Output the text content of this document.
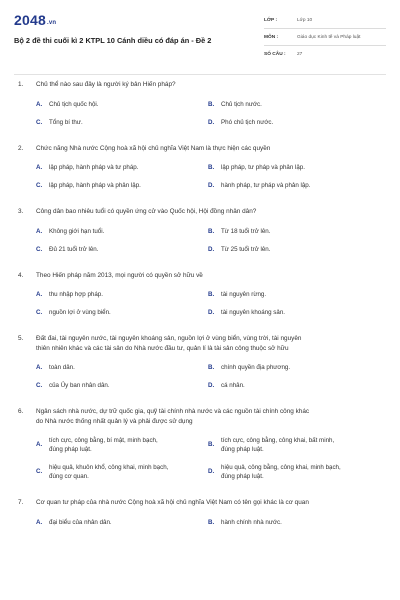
2048.vn
Bộ 2 đề thi cuối kì 2 KTPL 10 Cánh diều có đáp án - Đề 2
LỚP :	Lớp 10
MÔN :	Giáo dục Kinh tế và Pháp luật
SỐ CÂU :	27
1.	Chủ thể nào sau đây là người ký bản Hiến pháp?
A.	Chủ tịch quốc hội.	B.	Chủ tịch nước.
C.	Tổng bí thư.	D.	Phó chủ tịch nước.
2.	Chức năng Nhà nước Cộng hoà xã hội chủ nghĩa Việt Nam là thực hiện các quyền
A.	lập pháp, hành pháp và tư pháp.	B.	lập pháp, tư pháp và phản lập.
C.	lập pháp, hành pháp và phản lập.	D.	hành pháp, tư pháp và phản lập.
3.	Công dân bao nhiêu tuổi có quyền ứng cử vào Quốc hội, Hội đồng nhân dân?
A.	Không giới hạn tuổi.	B.	Từ 18 tuổi trở lên.
C.	Đủ 21 tuổi trở lên.	D.	Từ 25 tuổi trở lên.
4.	Theo Hiến pháp năm 2013, mọi người có quyền sở hữu về
A.	thu nhập hợp pháp.	B.	tài nguyên rừng.
C.	nguồn lợi ở vùng biển.	D.	tài nguyên khoáng sản.
5.	Đất đai, tài nguyên nước, tài nguyên khoáng sản, nguồn lợi ở vùng biển, vùng trời, tài nguyên
thiên nhiên khác và các tài sản do Nhà nước đầu tư, quản lí là tài sản công thuộc sở hữu
A.	toàn dân.	B.	chính quyền địa phương.
C.	của Ủy ban nhân dân.	D.	cá nhân.
6.	Ngân sách nhà nước, dự trữ quốc gia, quỹ tài chính nhà nước và các nguồn tài chính công khác
do Nhà nước thống nhất quản lý và phải được sử dụng
A.
tích cực, công bằng, bí mật, minh bạch,
đúng pháp luật.
B.
tích cực, công bằng, công khai, bất minh,
đúng pháp luật.
C.
hiệu quả, khuôn khổ, công khai, minh bạch,
đúng cơ quan.
D.
hiệu quả, công bằng, công khai, minh bạch,
đúng pháp luật.
7.	Cơ quan tư pháp của nhà nước Cộng hoà xã hội chủ nghĩa Việt Nam có tên gọi khác là cơ quan
A.	đại biểu của nhân dân.	B.	hành chính nhà nước.
